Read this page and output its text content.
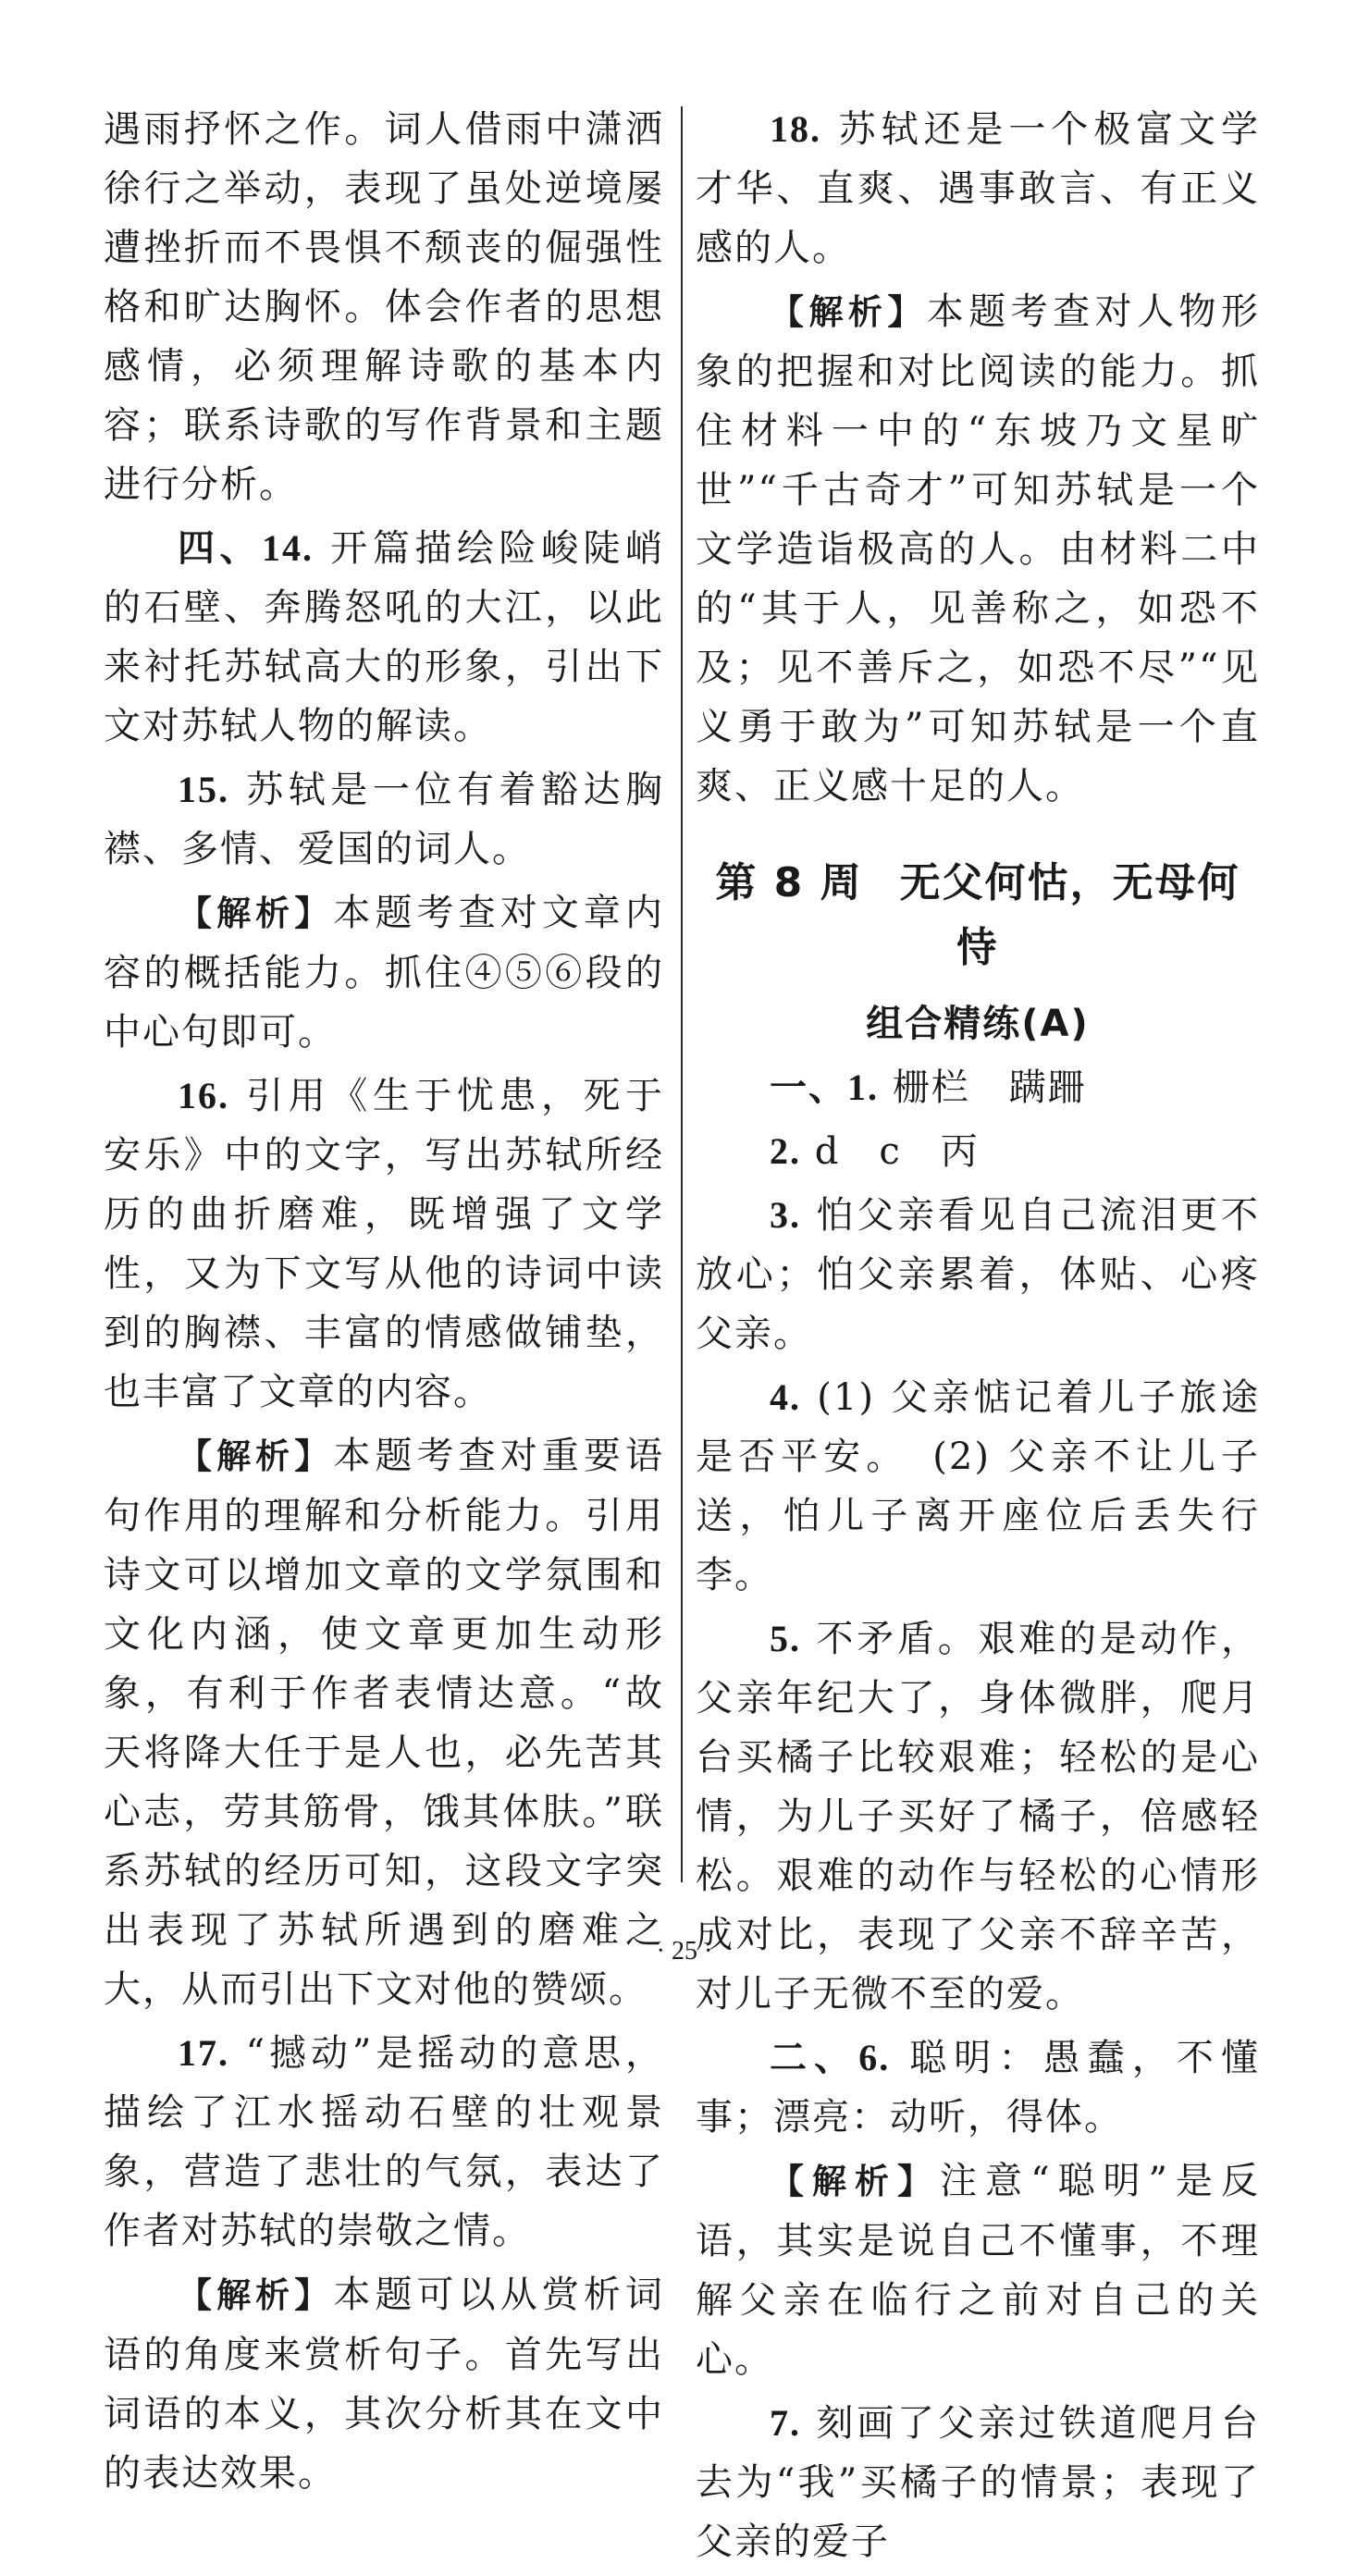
遇雨抒怀之作。词人借雨中潇洒徐行之举动，表现了虽处逆境屡遭挫折而不畏惧不颓丧的倔强性格和旷达胸怀。体会作者的思想感情，必须理解诗歌的基本内容；联系诗歌的写作背景和主题进行分析。

四、14. 开篇描绘险峻陡峭的石壁、奔腾怒吼的大江，以此来衬托苏轼高大的形象，引出下文对苏轼人物的解读。

15. 苏轼是一位有着豁达胸襟、多情、爱国的词人。

【解析】本题考查对文章内容的概括能力。抓住④⑤⑥段的中心句即可。

16. 引用《生于忧患，死于安乐》中的文字，写出苏轼所经历的曲折磨难，既增强了文学性，又为下文写从他的诗词中读到的胸襟、丰富的情感做铺垫，也丰富了文章的内容。

【解析】本题考查对重要语句作用的理解和分析能力。引用诗文可以增加文章的文学氛围和文化内涵，使文章更加生动形象，有利于作者表情达意。“故天将降大任于是人也，必先苦其心志，劳其筋骨，饿其体肤。”联系苏轼的经历可知，这段文字突出表现了苏轼所遇到的磨难之大，从而引出下文对他的赞颂。

17. “撼动”是摇动的意思，描绘了江水摇动石壁的壮观景象，营造了悲壮的气氛，表达了作者对苏轼的崇敬之情。

【解析】本题可以从赏析词语的角度来赏析句子。首先写出词语的本义，其次分析其在文中的表达效果。

18. 苏轼还是一个极富文学才华、直爽、遇事敢言、有正义感的人。

【解析】本题考查对人物形象的把握和对比阅读的能力。抓住材料一中的“东坡乃文星旷世”“千古奇才”可知苏轼是一个文学造诣极高的人。由材料二中的“其于人，见善称之，如恐不及；见不善斥之，如恐不尽”“见义勇于敢为”可知苏轼是一个直爽、正义感十足的人。

第 8 周 无父何怙，无母何恃
组合精练(A)

一、1. 栅栏　蹒跚

2. d　c　丙

3. 怕父亲看见自己流泪更不放心；怕父亲累着，体贴、心疼父亲。

4. (1) 父亲惦记着儿子旅途是否平安。　(2) 父亲不让儿子送，怕儿子离开座位后丢失行李。

5. 不矛盾。艰难的是动作，父亲年纪大了，身体微胖，爬月台买橘子比较艰难；轻松的是心情，为儿子买好了橘子，倍感轻松。艰难的动作与轻松的心情形成对比，表现了父亲不辞辛苦，对儿子无微不至的爱。

二、6. 聪明：愚蠢，不懂事；漂亮：动听，得体。

【解析】注意“聪明”是反语，其实是说自己不懂事，不理解父亲在临行之前对自己的关心。

7. 刻画了父亲过铁道爬月台去为“我”买橘子的情景；表现了父亲的爱子

· 25 ·
